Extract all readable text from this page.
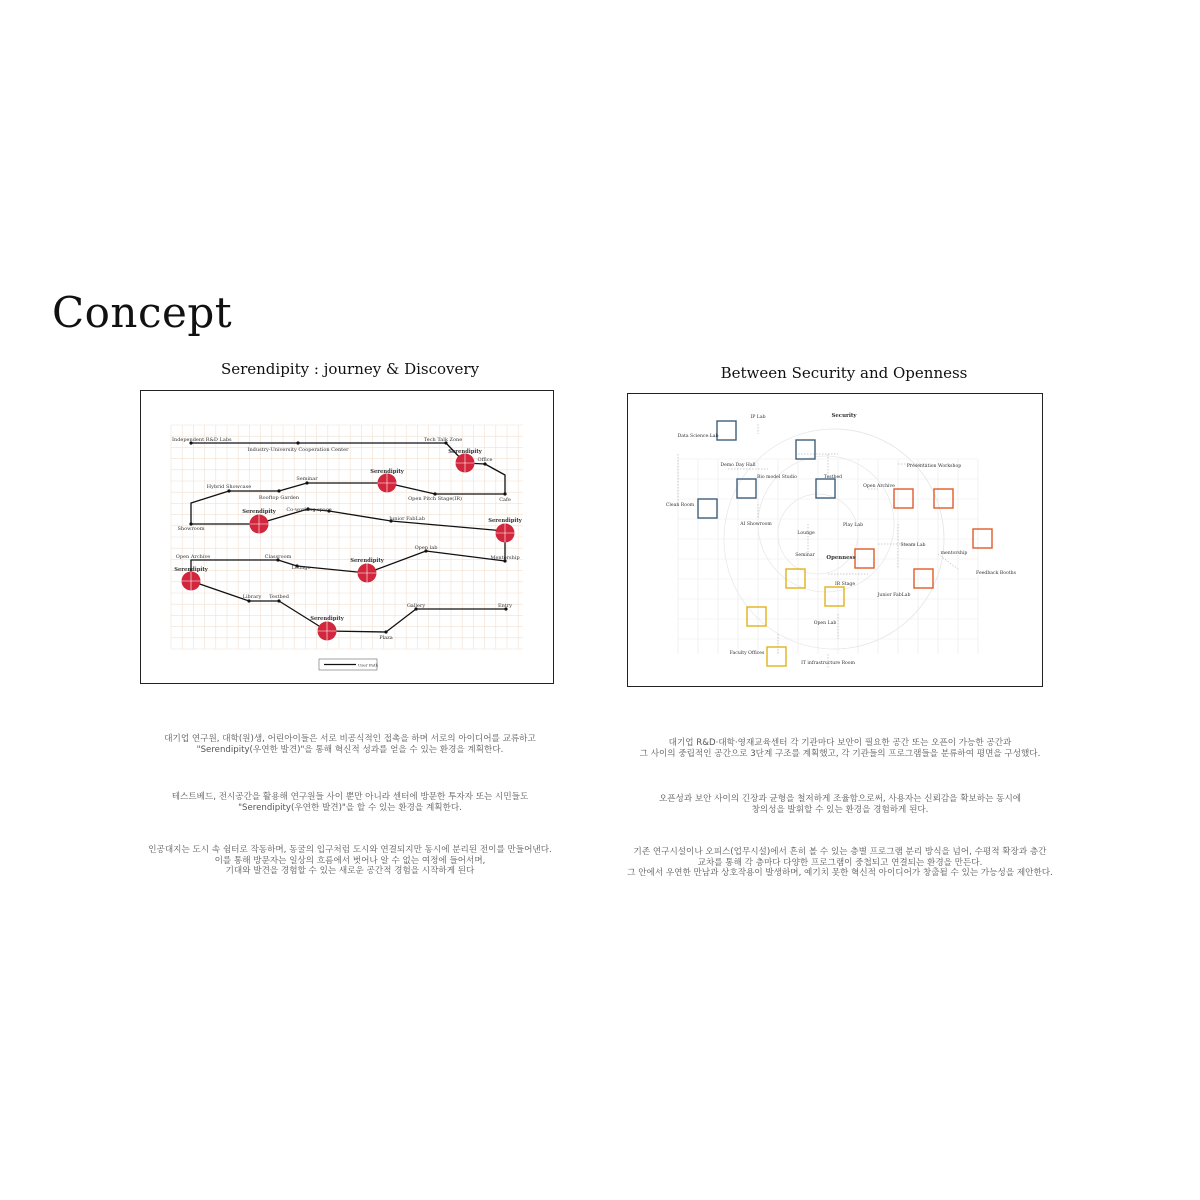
Concept
Serendipity : journey & Discovery	Between Security and Openness
Independent R&D Labs
Industry-University Cooperation Center
Tech Talk Zone
Office
Cafe
Seminar
Hybrid Showcase
Rooftop Garden	Open Pitch Stage(IR)
Showroom
Co-working space
Junior FabLab
Mentorship
Open Archive	Classroom
Lounge
Open lab
Library Testbed
Plaza
Gallery	Entry
Serendipity
Serendipity
Serendipity
Serendipity
Serendipity
Serendipity
Serendipity
User Path
IP Lab	Security
Data Science Lab
Bio model Studio
Demo Day Hall
Testbed
Presentation Workshop
Open Archive
Clean Room
AI Showroom	Play Lab
Lounge
Seminar Openness
Steam Lab
mentorship
Feedback Booths
IR Stage
Junior FabLab
Open Lab
Faculty Offices
IT infrastructure Room
대기업 연구원, 대학(원)생, 어린아이들은 서로 비공식적인 접촉을 하며 서로의 아이디어를 교류하고
"Serendipity(우연한 발견)"을 통해 혁신적 성과를 얻을 수 있는 환경을 계획한다.
테스트베드, 전시공간을 활용해 연구원들 사이 뿐만 아니라 센터에 방문한 투자자 또는 시민들도
"Serendipity(우연한 발견)"을 할 수 있는 환경을 계획한다.
인공대지는 도시 속 쉼터로 작동하며, 동굴의 입구처럼 도시와 연결되지만 동시에 분리된 전이를 만들어낸다.
이를 통해 방문자는 일상의 흐름에서 벗어나 알 수 없는 여정에 들어서며,
기대와 발견을 경험할 수 있는 새로운 공간적 경험을 시작하게 된다
대기업 R&D·대학·영재교육센터 각 기관마다 보안이 필요한 공간 또는 오픈이 가능한 공간과
그 사이의 중립적인 공간으로 3단계 구조를 계획했고, 각 기관들의 프로그램들을 분류하여 평면을 구성했다.
오픈성과 보안 사이의 긴장과 균형을 철저하게 조율함으로써, 사용자는 신뢰감을 확보하는 동시에
창의성을 발휘할 수 있는 환경을 경험하게 된다.
기존 연구시설이나 오피스(업무시설)에서 흔히 볼 수 있는 층별 프로그램 분리 방식을 넘어, 수평적 확장과 층간
교차를 통해 각 층마다 다양한 프로그램이 중첩되고 연결되는 환경을 만든다.
그 안에서 우연한 만남과 상호작용이 발생하며, 예기치 못한 혁신적 아이디어가 창출될 수 있는 가능성을 제안한다.
